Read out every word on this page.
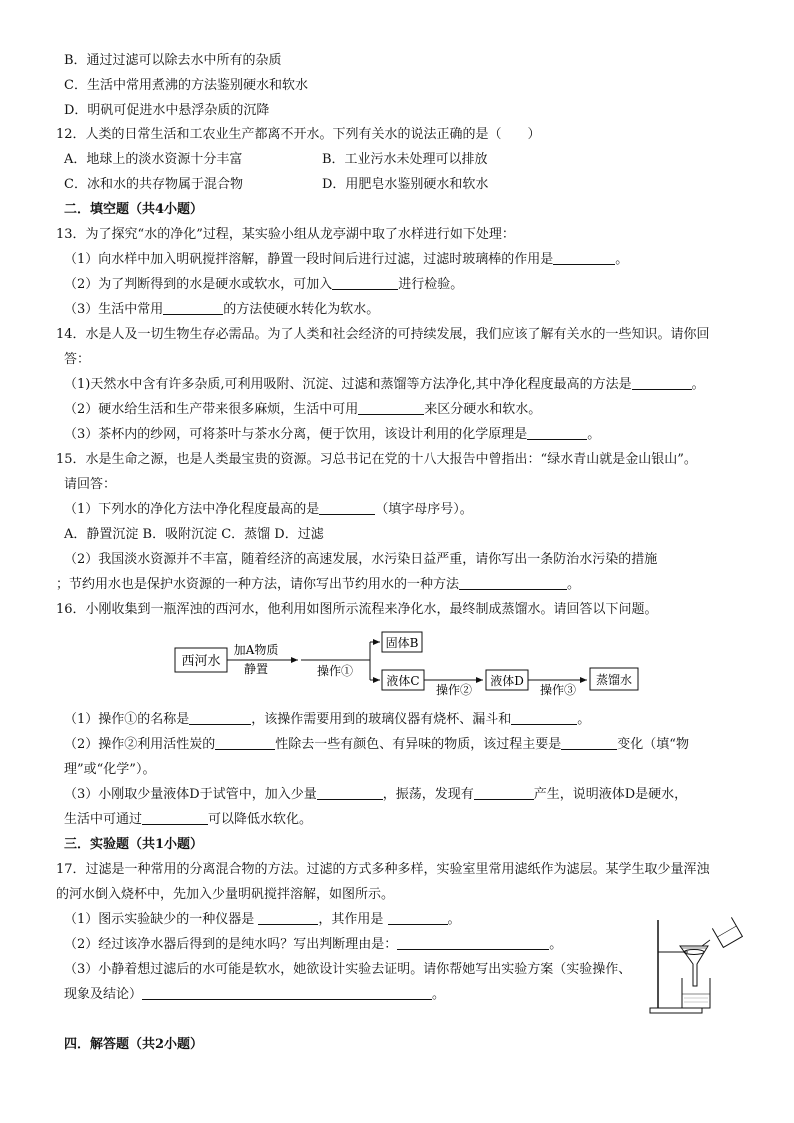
B．通过过滤可以除去水中所有的杂质
C．生活中常用煮沸的方法鉴别硬水和软水
D．明矾可促进水中悬浮杂质的沉降
12．人类的日常生活和工农业生产都离不开水。下列有关水的说法正确的是（　　）
A．地球上的淡水资源十分丰富	B．工业污水未处理可以排放
C．冰和水的共存物属于混合物	D．用肥皂水鉴别硬水和软水
二．填空题（共4小题）
13．为了探究“水的净化”过程，某实验小组从龙亭湖中取了水样进行如下处理：
（1）向水样中加入明矾搅拌溶解，静置一段时间后进行过滤，过滤时玻璃棒的作用是	。
（2）为了判断得到的水是硬水或软水，可加入	进行检验。
（3）生活中常用	的方法使硬水转化为软水。
14．水是人及一切生物生存必需品。为了人类和社会经济的可持续发展，我们应该了解有关水的一些知识。请你回
答：
（1)天然水中含有许多杂质,可利用吸附、沉淀、过滤和蒸馏等方法净化,其中净化程度最高的方法是	。
（2）硬水给生活和生产带来很多麻烦，生活中可用	来区分硬水和软水。
（3）茶杯内的纱网，可将茶叶与茶水分离，便于饮用，该设计利用的化学原理是	。
15．水是生命之源，也是人类最宝贵的资源。习总书记在党的十八大报告中曾指出：“绿水青山就是金山银山”。
请回答：
（1）下列水的净化方法中净化程度最高的是	（填字母序号）。
A．静置沉淀 B．吸附沉淀 C．蒸馏 D．过滤
（2）我国淡水资源并不丰富，随着经济的高速发展，水污染日益严重，请你写出一条防治水污染的措施
；节约用水也是保护水资源的一种方法，请你写出节约用水的一种方法	。
16．小刚收集到一瓶浑浊的西河水，他利用如图所示流程来净化水，最终制成蒸馏水。请回答以下问题。
西河水
加A物质
静置	操作①
固体B
液体C
操作②
液体D
操作③
蒸馏水
（1）操作①的名称是	，该操作需要用到的玻璃仪器有烧杯、漏斗和	。
（2）操作②利用活性炭的	性除去一些有颜色、有异味的物质，该过程主要是	变化（填“物
理”或“化学”）。
（3）小刚取少量液体D于试管中，加入少量	，振荡，发现有	产生，说明液体D是硬水，
生活中可通过	可以降低水软化。
三．实验题（共1小题）
17．过滤是一种常用的分离混合物的方法。过滤的方式多种多样，实验室里常用滤纸作为滤层。某学生取少量浑浊
的河水倒入烧杯中，先加入少量明矾搅拌溶解，如图所示。
（1）图示实验缺少的一种仪器是	，其作用是	。
（2）经过该净水器后得到的是纯水吗？写出判断理由是：	。
（3）小静着想过滤后的水可能是软水，她欲设计实验去证明。请你帮她写出实验方案（实验操作、
现象及结论）	。
四．解答题（共2小题）
